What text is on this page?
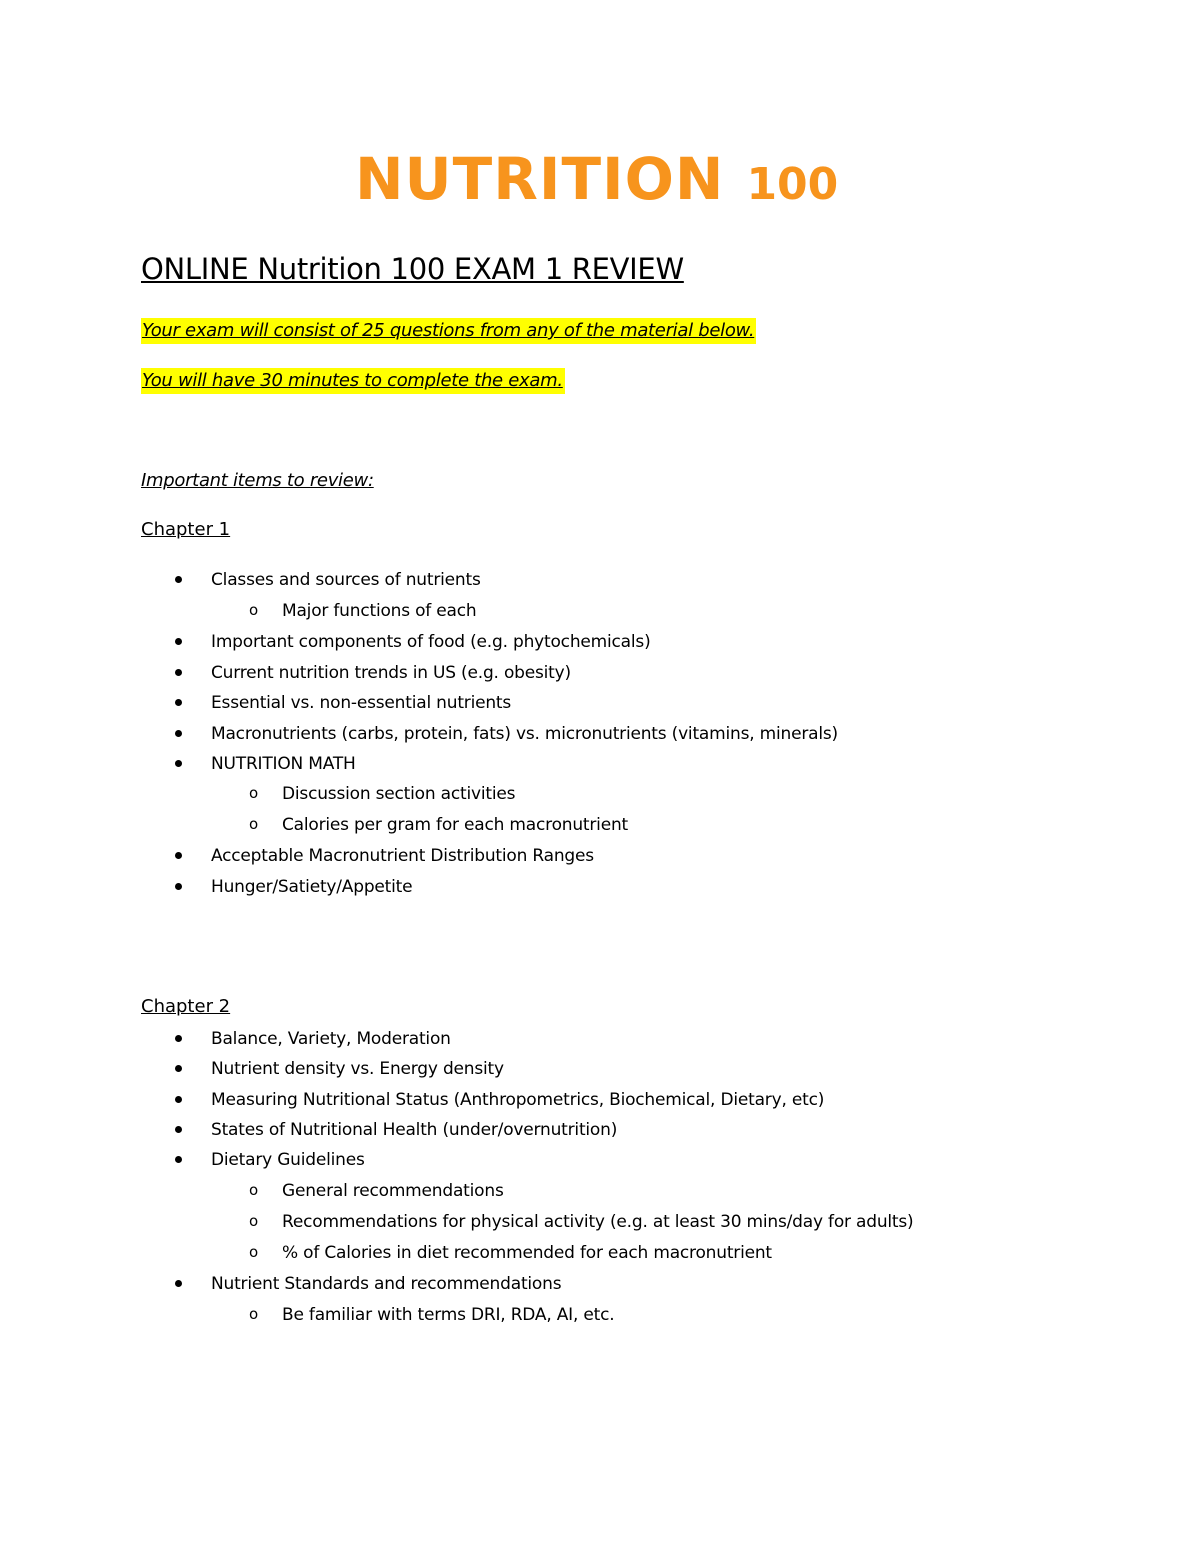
NUTRITION 100
ONLINE Nutrition 100 EXAM 1 REVIEW
Your exam will consist of 25 questions from any of the material below.
You will have 30 minutes to complete the exam.
Important items to review:
Chapter 1
Classes and sources of nutrients
o Major functions of each
Important components of food (e.g. phytochemicals)
Current nutrition trends in US (e.g. obesity)
Essential vs. non-essential nutrients
Macronutrients (carbs, protein, fats) vs. micronutrients (vitamins, minerals)
NUTRITION MATH
o Discussion section activities
o Calories per gram for each macronutrient
Acceptable Macronutrient Distribution Ranges
Hunger/Satiety/Appetite
Chapter 2
Balance, Variety, Moderation
Nutrient density vs. Energy density
Measuring Nutritional Status (Anthropometrics, Biochemical, Dietary, etc)
States of Nutritional Health (under/overnutrition)
Dietary Guidelines
o General recommendations
o Recommendations for physical activity (e.g. at least 30 mins/day for adults)
o % of Calories in diet recommended for each macronutrient
Nutrient Standards and recommendations
o Be familiar with terms DRI, RDA, AI, etc.
